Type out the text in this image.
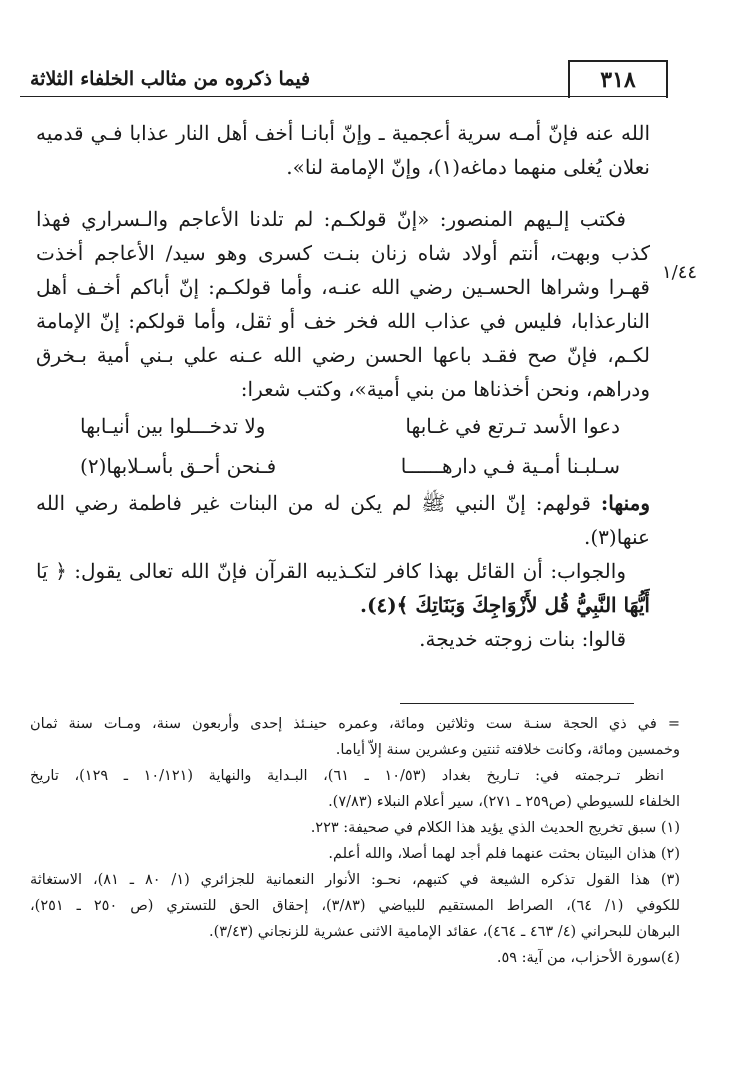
فيما ذكروه من مثالب الخلفاء الثلاثة	٣١٨
١/٤٤
الله عنه فإنّ أمـه سرية أعجمية ـ وإنّ أبانـا أخف أهل النار عذابا فـي قدميه
نعلان يُغلى منهما دماغه(١)، وإنّ الإمامة لنا».
فكتب إلـيهم المنصور: «إنّ قولكـم: لم تلدنا الأعاجم والـسراري فهذا
كذب وبهت، أنتم أولاد شاه زنان بنـت كسرى وهو سيد/ الأعاجم أخذت
قهـرا وشراها الحسـين رضي الله عنـه، وأما قولكـم: إنّ أباكم أخـف أهل
النارعذابا، فليس في عذاب الله فخر خف أو ثقل، وأما قولكم: إنّ الإمامة
لكـم، فإنّ صح فقـد باعها الحسن رضي الله عـنه علي بـني أمية بـخرق
ودراهم، ونحن أخذناها من بني أمية»، وكتب شعرا:
دعوا الأسد تـرتع في غـابها
ولا تدخـــلوا بين أنيـابها
سـلبـنا أمـية فـي دارهــــــا
فـنحن أحـق بأسـلابها(٢)
ومنها: قولهم: إنّ النبي ﷺ لم يكن له من البنات غير فاطمة رضي الله
عنها(٣).
والجواب: أن القائل بهذا كافر لتكـذيبه القرآن فإنّ الله تعالى يقول: ﴿ يَا
أَيُّهَا النَّبِيُّ قُل لأَزْوَاجِكَ وَبَنَاتِكَ ﴾(٤).
قالوا: بنات زوجته خديجة.
= في ذي الحجة سنـة ست وثلاثين ومائة، وعمره حينـئذ إحدى وأربعون سنة، ومـات سنة ثمان
وخمسين ومائة، وكانت خلافته ثنتين وعشرين سنة إلاّ أياما.
انظر تـرجمته في: تـاريخ بغداد (١٠/٥٣ ـ ٦١)، البـداية والنهاية (١٠/١٢١ ـ ١٢٩)، تاريخ
الخلفاء للسيوطي (ص٢٥٩ ـ ٢٧١)، سير أعلام النبلاء (٧/٨٣).
(١) سبق تخريج الحديث الذي يؤيد هذا الكلام في صحيفة: ٢٢٣.
(٢) هذان البيتان بحثت عنهما فلم أجد لهما أصلا، والله أعلم.
(٣) هذا القول تذكره الشيعة في كتبهم، نحـو: الأنوار النعمانية للجزائري (١/ ٨٠ ـ ٨١)، الاستغاثة
للكوفي (١/ ٦٤)، الصراط المستقيم للبياضي (٣/٨٣)، إحقاق الحق للتستري (ص ٢٥٠ ـ ٢٥١)،
البرهان للبحراني (٤/ ٤٦٣ ـ ٤٦٤)، عقائد الإمامية الاثنى عشرية للزنجاني (٣/٤٣).
(٤)سورة الأحزاب، من آية: ٥٩.
